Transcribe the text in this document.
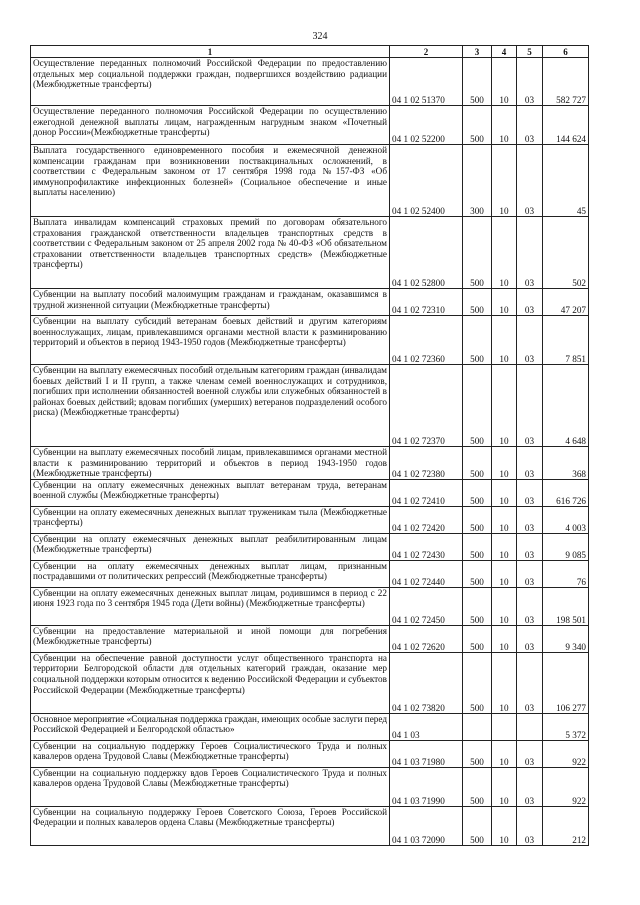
324
1	2	3	4	5	6
Осуществление переданных полномочий Российской Федерации по предоставлению отдельных мер социальной поддержки граждан, подвергшихся воздействию радиации (Межбюджетные трансферты)	04 1 02 51370	500	10	03	582 727
Осуществление переданного полномочия Российской Федерации по осуществлению ежегодной денежной выплаты лицам, награжденным нагрудным знаком «Почетный донор России»(Межбюджетные трансферты)	04 1 02 52200	500	10	03	144 624
Выплата государственного единовременного пособия и ежемесячной денежной компенсации гражданам при возникновении поствакцинальных осложнений, в соответствии с Федеральным законом от 17 сентября 1998 года №157-ФЗ «Об иммунопрофилактике инфекционных болезней» (Социальное обеспечение и иные выплаты населению)	04 1 02 52400	300	10	03	45
Выплата инвалидам компенсаций страховых премий по договорам обязательного страхования гражданской ответственности владельцев транспортных средств в соответствии с Федеральным законом от 25 апреля 2002 года № 40-ФЗ «Об обязательном страховании ответственности владельцев транспортных средств» (Межбюджетные трансферты)	04 1 02 52800	500	10	03	502
Субвенции на выплату пособий малоимущим гражданам и гражданам, оказавшимся в трудной жизненной ситуации (Межбюджетные трансферты)	04 1 02 72310	500	10	03	47 207
Субвенции на выплату субсидий ветеранам боевых действий и другим категориям военнослужащих, лицам, привлекавшимся органами местной власти к разминированию территорий и объектов в период 1943-1950 годов (Межбюджетные трансферты)	04 1 02 72360	500	10	03	7 851
Субвенции на выплату ежемесячных пособий отдельным категориям граждан (инвалидам боевых действий I и II групп, а также членам семей военнослужащих и сотрудников, погибших при исполнении обязанностей военной службы или служебных обязанностей в районах боевых действий; вдовам погибших (умерших) ветеранов подразделений особого риска) (Межбюджетные трансферты)	04 1 02 72370	500	10	03	4 648
Субвенции на выплату ежемесячных пособий лицам, привлекавшимся органами местной власти к разминированию территорий и объектов в период 1943-1950 годов (Межбюджетные трансферты)	04 1 02 72380	500	10	03	368
Субвенции на оплату ежемесячных денежных выплат ветеранам труда, ветеранам военной службы (Межбюджетные трансферты)	04 1 02 72410	500	10	03	616 726
Субвенции на оплату ежемесячных денежных выплат труженикам тыла (Межбюджетные трансферты)	04 1 02 72420	500	10	03	4 003
Субвенции на оплату ежемесячных денежных выплат реабилитированным лицам (Межбюджетные трансферты)	04 1 02 72430	500	10	03	9 085
Субвенции на оплату ежемесячных денежных выплат лицам, признанным пострадавшими от политических репрессий (Межбюджетные трансферты)	04 1 02 72440	500	10	03	76
Субвенции на оплату ежемесячных денежных выплат лицам, родившимся в период с 22 июня 1923 года по 3 сентября 1945 года (Дети войны) (Межбюджетные трансферты)	04 1 02 72450	500	10	03	198 501
Субвенции на предоставление материальной и иной помощи для погребения (Межбюджетные трансферты)	04 1 02 72620	500	10	03	9 340
Субвенции на обеспечение равной доступности услуг общественного транспорта на территории Белгородской области для отдельных категорий граждан, оказание мер социальной поддержки которым относится к ведению Российской Федерации и субъектов Российской Федерации (Межбюджетные трансферты)	04 1 02 73820	500	10	03	106 277
Основное мероприятие «Социальная поддержка граждан, имеющих особые заслуги перед Российской Федерацией и Белгородской областью»	04 1 03				5 372
Субвенции на социальную поддержку Героев Социалистического Труда и полных кавалеров ордена Трудовой Славы (Межбюджетные трансферты)	04 1 03 71980	500	10	03	922
Субвенции на социальную поддержку вдов Героев Социалистического Труда и полных кавалеров ордена Трудовой Славы (Межбюджетные трансферты)	04 1 03 71990	500	10	03	922
Субвенции на социальную поддержку Героев Советского Союза, Героев Российской Федерации и полных кавалеров ордена Славы (Межбюджетные трансферты)	04 1 03 72090	500	10	03	212
